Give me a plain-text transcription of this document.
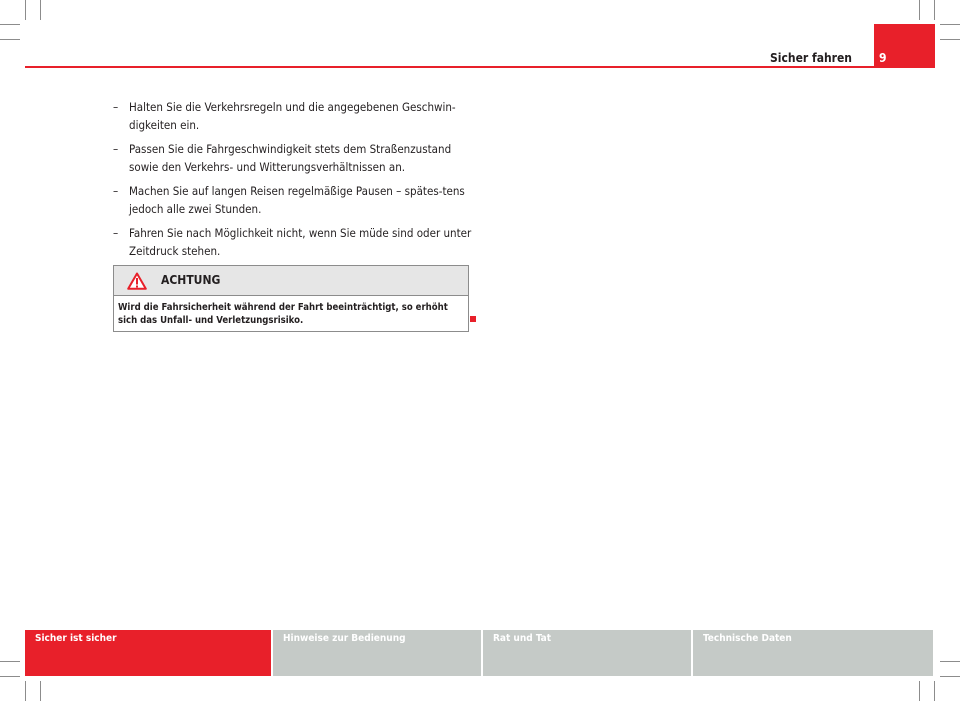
Sicher fahren 9
– Halten Sie die Verkehrsregeln und die angegebenen Geschwin-digkeiten ein.
– Passen Sie die Fahrgeschwindigkeit stets dem Straßenzustand sowie den Verkehrs- und Witterungsverhältnissen an.
– Machen Sie auf langen Reisen regelmäßige Pausen – spätes-tens jedoch alle zwei Stunden.
– Fahren Sie nach Möglichkeit nicht, wenn Sie müde sind oder unter Zeitdruck stehen.
ACHTUNG
Wird die Fahrsicherheit während der Fahrt beeinträchtigt, so erhöht sich das Unfall- und Verletzungsrisiko.
Sicher ist sicher	Hinweise zur Bedienung	Rat und Tat	Technische Daten
